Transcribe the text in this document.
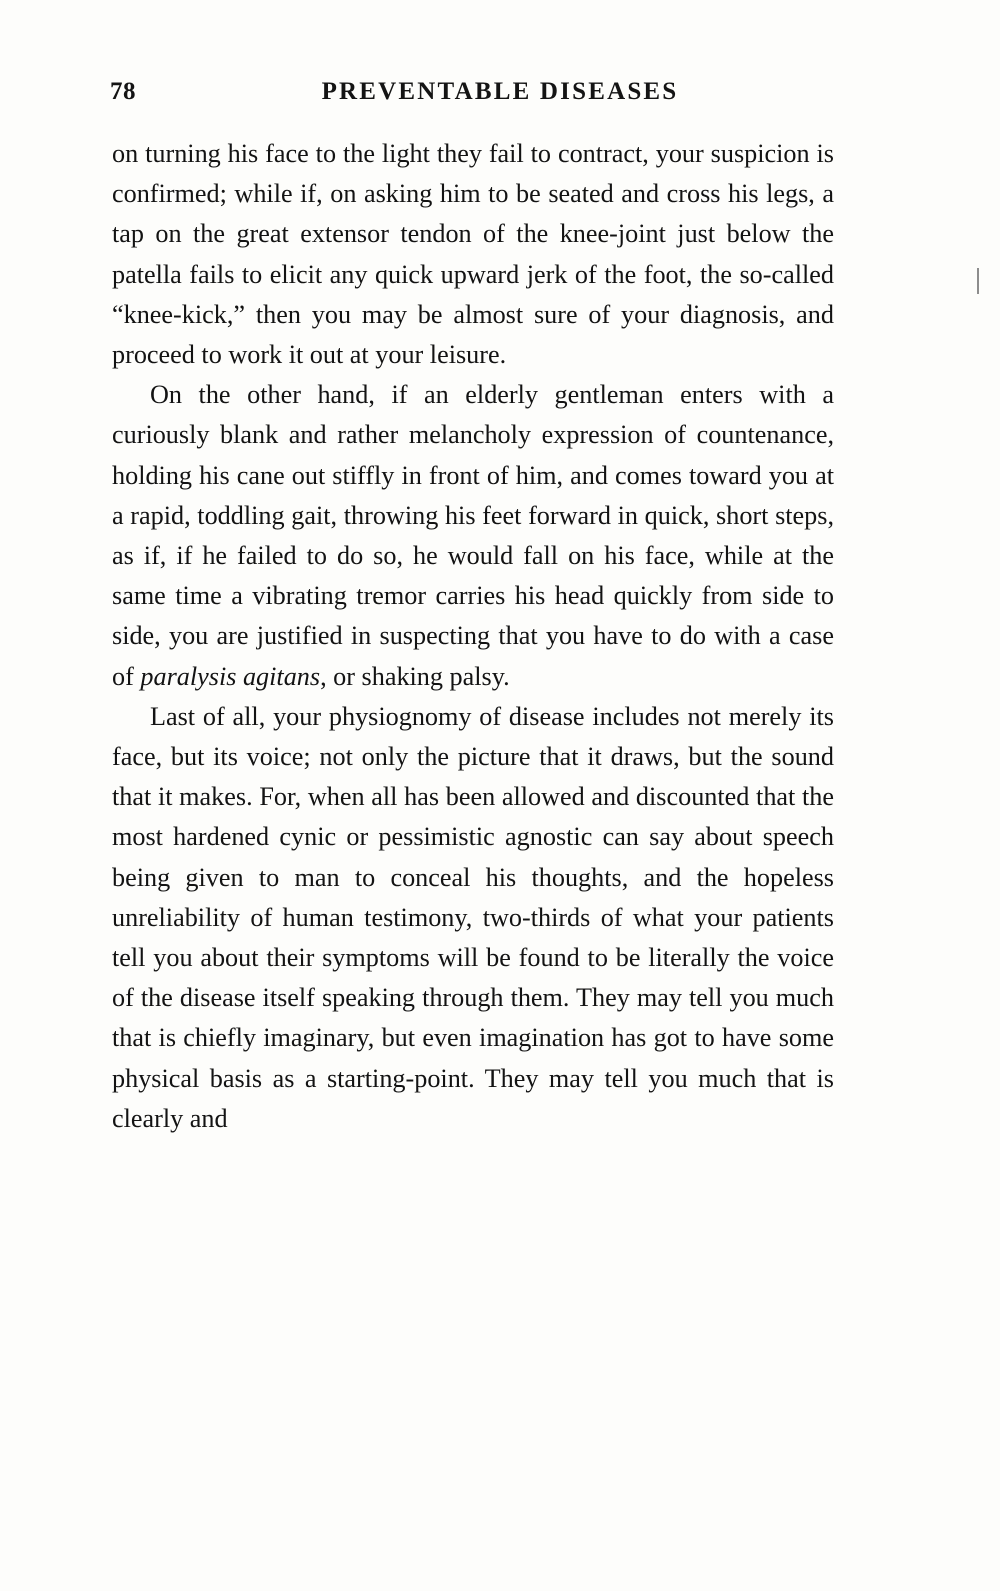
78	PREVENTABLE DISEASES

on turning his face to the light they fail to contract, your suspicion is confirmed; while if, on asking him to be seated and cross his legs, a tap on the great extensor tendon of the knee-joint just below the patella fails to elicit any quick upward jerk of the foot, the so-called “knee-kick,” then you may be almost sure of your diagnosis, and proceed to work it out at your leisure.

On the other hand, if an elderly gentleman enters with a curiously blank and rather melancholy expression of countenance, holding his cane out stiffly in front of him, and comes toward you at a rapid, toddling gait, throwing his feet forward in quick, short steps, as if, if he failed to do so, he would fall on his face, while at the same time a vibrating tremor carries his head quickly from side to side, you are justified in suspecting that you have to do with a case of paralysis agitans, or shaking palsy.

Last of all, your physiognomy of disease includes not merely its face, but its voice; not only the picture that it draws, but the sound that it makes. For, when all has been allowed and discounted that the most hardened cynic or pessimistic agnostic can say about speech being given to man to conceal his thoughts, and the hopeless unreliability of human testimony, two-thirds of what your patients tell you about their symptoms will be found to be literally the voice of the disease itself speaking through them. They may tell you much that is chiefly imaginary, but even imagination has got to have some physical basis as a starting-point. They may tell you much that is clearly and
